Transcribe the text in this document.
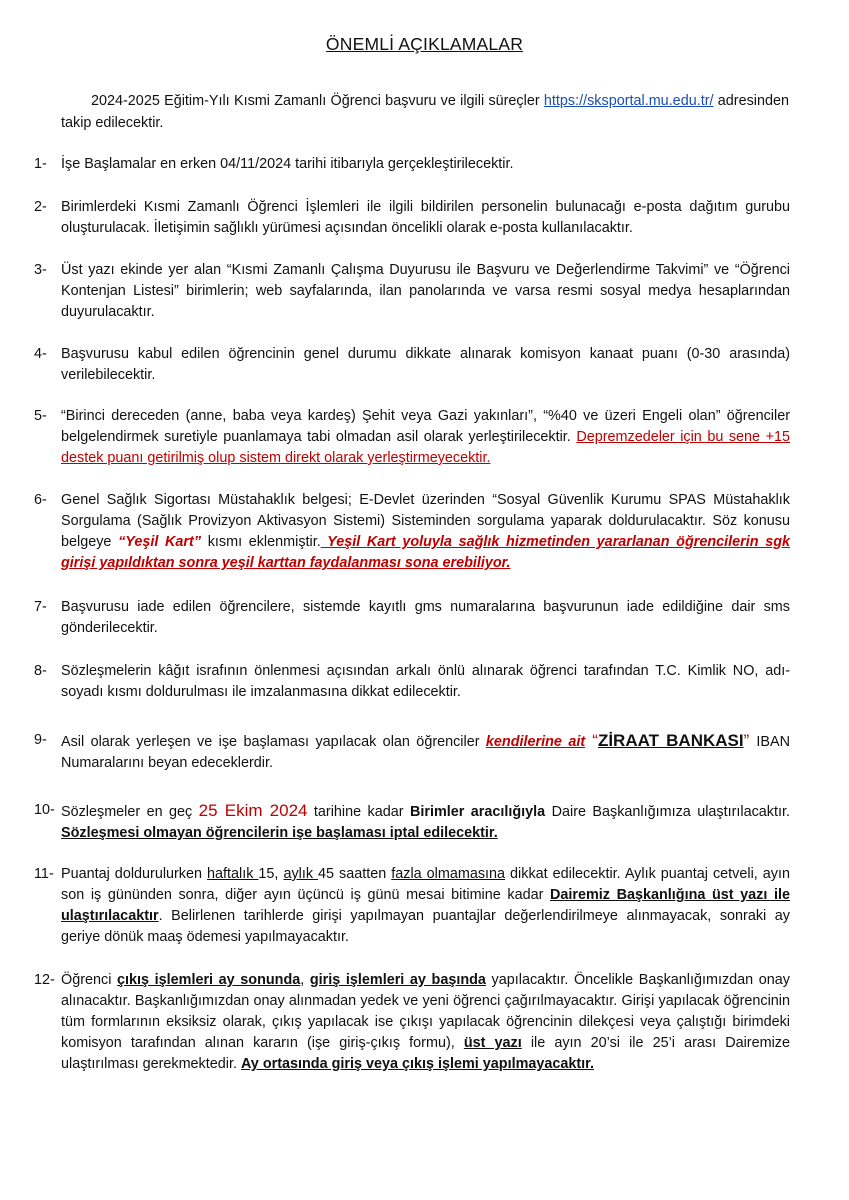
ÖNEMLİ AÇIKLAMALAR
2024-2025 Eğitim-Yılı Kısmi Zamanlı Öğrenci başvuru ve ilgili süreçler https://sksportal.mu.edu.tr/ adresinden takip edilecektir.
1- İşe Başlamalar en erken 04/11/2024 tarihi itibarıyla gerçekleştirilecektir.
2- Birimlerdeki Kısmi Zamanlı Öğrenci İşlemleri ile ilgili bildirilen personelin bulunacağı e-posta dağıtım gurubu oluşturulacak. İletişimin sağlıklı yürümesi açısından öncelikli olarak e-posta kullanılacaktır.
3- Üst yazı ekinde yer alan “Kısmi Zamanlı Çalışma Duyurusu ile Başvuru ve Değerlendirme Takvimi” ve “Öğrenci Kontenjan Listesi” birimlerin; web sayfalarında, ilan panolarında ve varsa resmi sosyal medya hesaplarından duyurulacaktır.
4- Başvurusu kabul edilen öğrencinin genel durumu dikkate alınarak komisyon kanaat puanı (0-30 arasında) verilebilecektir.
5- “Birinci dereceden (anne, baba veya kardeş) Şehit veya Gazi yakınları”, “%40 ve üzeri Engeli olan” öğrenciler belgelendirmek suretiyle puanlamaya tabi olmadan asil olarak yerleştirilecektir. Depremzedeler için bu sene +15 destek puanı getirilmiş olup sistem direkt olarak yerleştirmeyecektir.
6- Genel Sağlık Sigortası Müstahaklık belgesi; E-Devlet üzerinden “Sosyal Güvenlik Kurumu SPAS Müstahaklık Sorgulama (Sağlık Provizyon Aktivasyon Sistemi) Sisteminden sorgulama yaparak doldurulacaktır. Söz konusu belgeye “Yeşil Kart” kısmı eklenmiştir. Yeşil Kart yoluyla sağlık hizmetinden yararlanan öğrencilerin sgk girişi yapıldıktan sonra yeşil karttan faydalanması sona erebiliyor.
7- Başvurusu iade edilen öğrencilere, sistemde kayıtlı gms numaralarına başvurunun iade edildiğine dair sms gönderilecektir.
8- Sözleşmelerin kâğıt israfının önlenmesi açısından arkalı önlü alınarak öğrenci tarafından T.C. Kimlik NO, adı-soyadı kısmı doldurulması ile imzalanmasına dikkat edilecektir.
9- Asil olarak yerleşen ve işe başlaması yapılacak olan öğrenciler kendilerine ait “ZİRAAT BANKASI” IBAN Numaralarını beyan edeceklerdir.
10- Sözleşmeler en geç 25 Ekim 2024 tarihine kadar Birimler aracılığıyla Daire Başkanlığımıza ulaştırılacaktır. Sözleşmesi olmayan öğrencilerin işe başlaması iptal edilecektir.
11- Puantaj doldurulurken haftalık 15, aylık 45 saatten fazla olmamasına dikkat edilecektir. Aylık puantaj cetveli, ayın son iş gününden sonra, diğer ayın üçüncü iş günü mesai bitimine kadar Dairemiz Başkanlığına üst yazı ile ulaştırılacaktır. Belirlenen tarihlerde girişi yapılmayan puantajlar değerlendirilmeye alınmayacak, sonraki ay geriye dönük maaş ödemesi yapılmayacaktır.
12- Öğrenci çıkış işlemleri ay sonunda, giriş işlemleri ay başında yapılacaktır. Öncelikle Başkanlığımızdan onay alınacaktır. Başkanlığımızdan onay alınmadan yedek ve yeni öğrenci çağırılmayacaktır. Girişi yapılacak öğrencinin tüm formlarının eksiksiz olarak, çıkış yapılacak ise çıkışı yapılacak öğrencinin dilekçesi veya çalıştığı birimdeki komisyon tarafından alınan kararın (işe giriş-çıkış formu), üst yazı ile ayın 20’si ile 25’i arası Dairemize ulaştırılması gerekmektedir. Ay ortasında giriş veya çıkış işlemi yapılmayacaktır.
